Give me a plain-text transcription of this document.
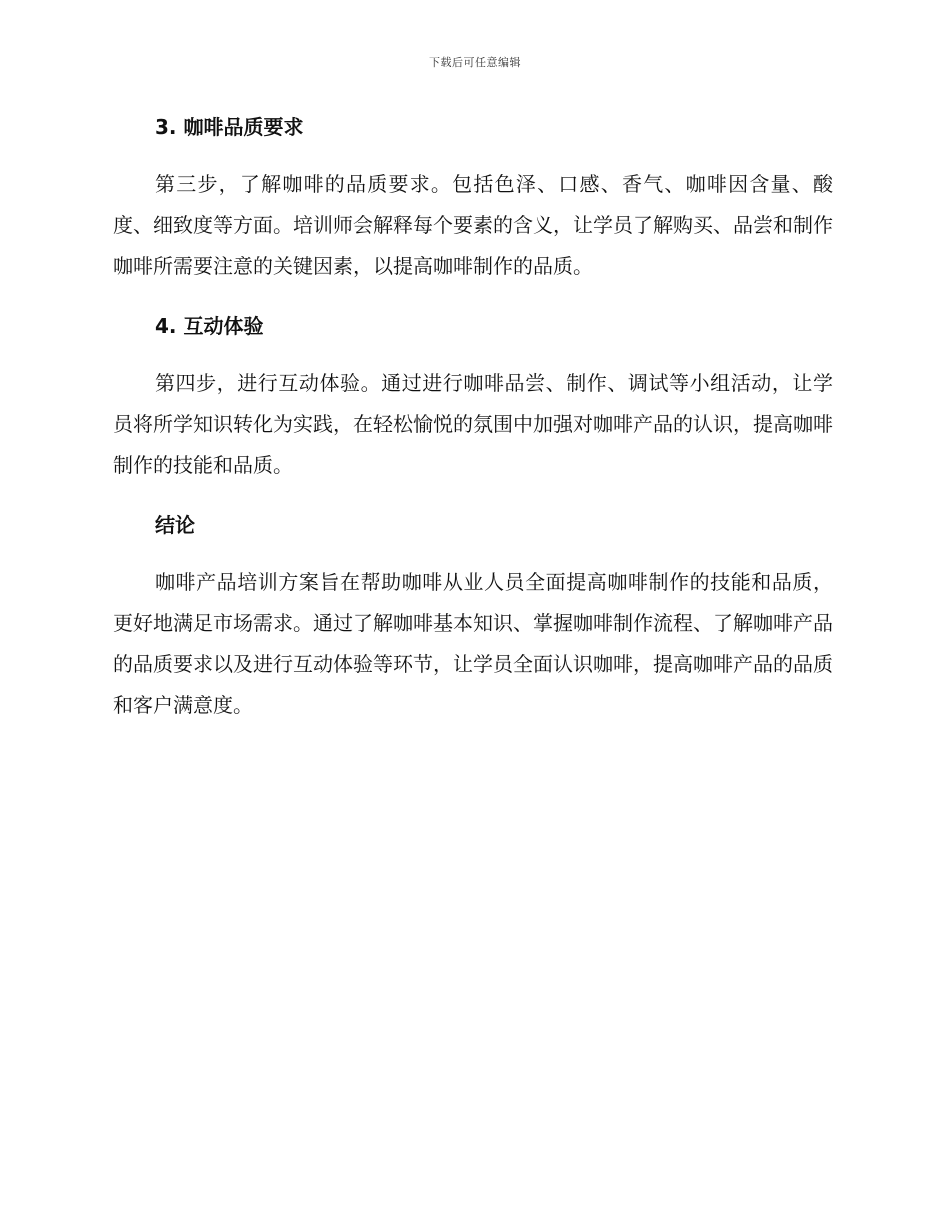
下载后可任意编辑
3. 咖啡品质要求

第三步，了解咖啡的品质要求。包括色泽、口感、香气、咖啡因含量、酸度、细致度等方面。培训师会解释每个要素的含义，让学员了解购买、品尝和制作咖啡所需要注意的关键因素，以提高咖啡制作的品质。

4. 互动体验

第四步，进行互动体验。通过进行咖啡品尝、制作、调试等小组活动，让学员将所学知识转化为实践，在轻松愉悦的氛围中加强对咖啡产品的认识，提高咖啡制作的技能和品质。

结论

咖啡产品培训方案旨在帮助咖啡从业人员全面提高咖啡制作的技能和品质，更好地满足市场需求。通过了解咖啡基本知识、掌握咖啡制作流程、了解咖啡产品的品质要求以及进行互动体验等环节，让学员全面认识咖啡，提高咖啡产品的品质和客户满意度。
